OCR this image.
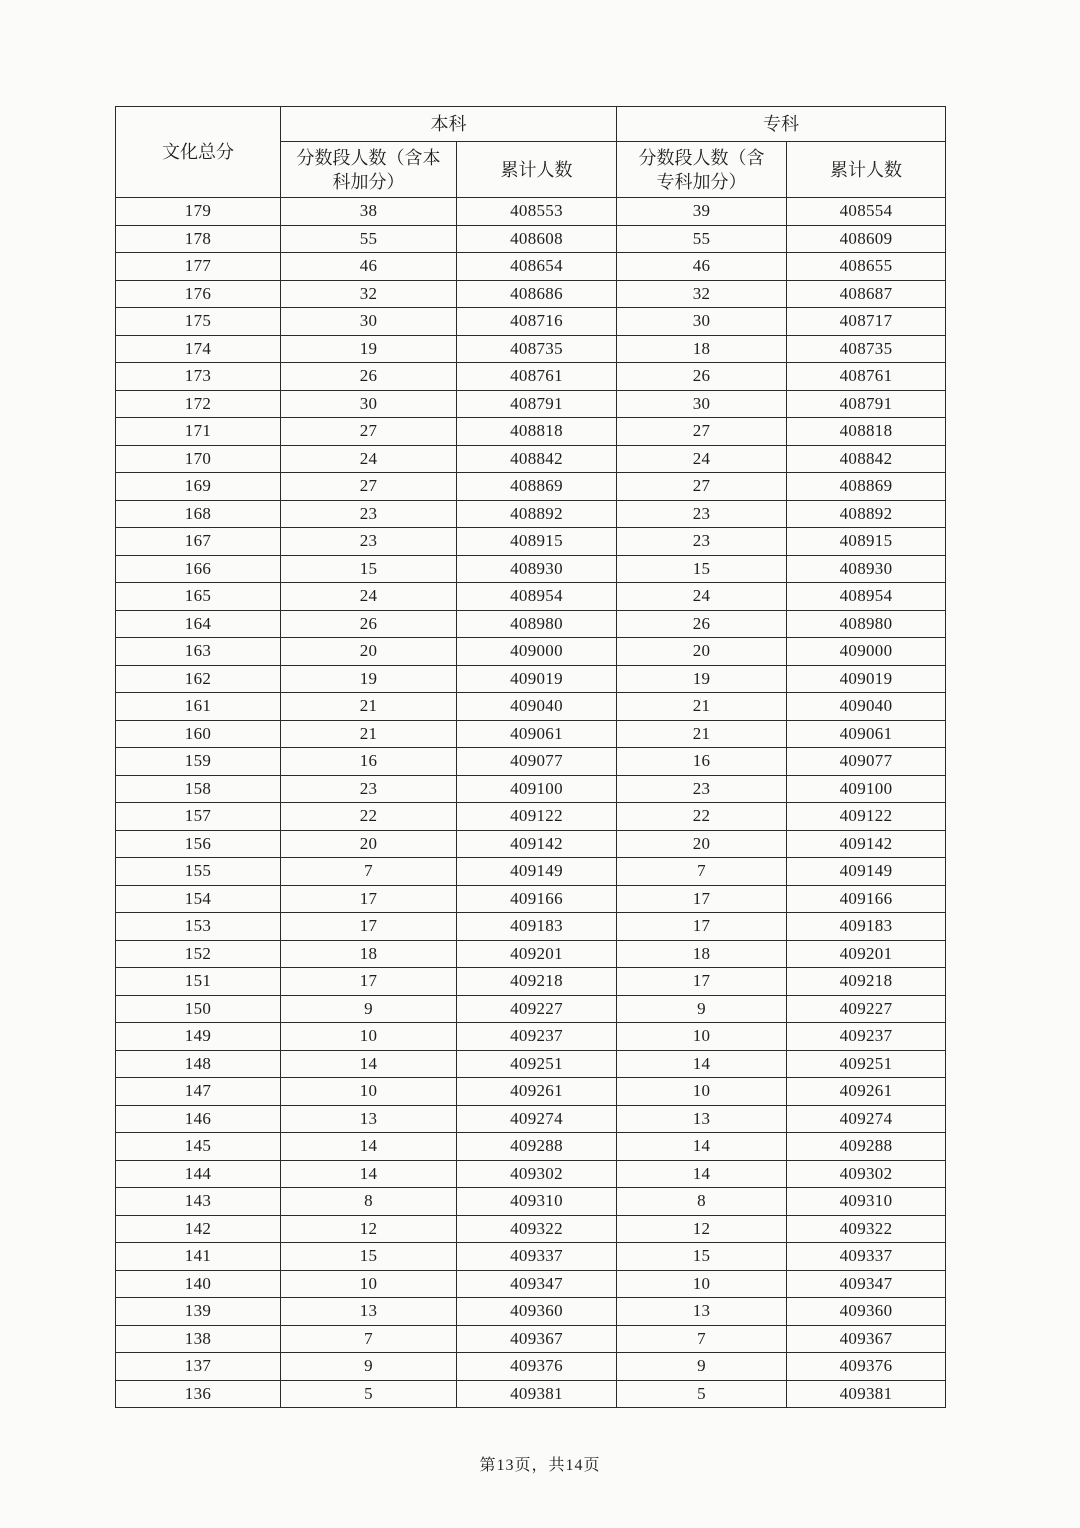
文化总分	本科		专科	
	分数段人数（含本科加分）	累计人数	分数段人数（含专科加分）	累计人数
179	38	408553	39	408554
178	55	408608	55	408609
177	46	408654	46	408655
176	32	408686	32	408687
175	30	408716	30	408717
174	19	408735	18	408735
173	26	408761	26	408761
172	30	408791	30	408791
171	27	408818	27	408818
170	24	408842	24	408842
169	27	408869	27	408869
168	23	408892	23	408892
167	23	408915	23	408915
166	15	408930	15	408930
165	24	408954	24	408954
164	26	408980	26	408980
163	20	409000	20	409000
162	19	409019	19	409019
161	21	409040	21	409040
160	21	409061	21	409061
159	16	409077	16	409077
158	23	409100	23	409100
157	22	409122	22	409122
156	20	409142	20	409142
155	7	409149	7	409149
154	17	409166	17	409166
153	17	409183	17	409183
152	18	409201	18	409201
151	17	409218	17	409218
150	9	409227	9	409227
149	10	409237	10	409237
148	14	409251	14	409251
147	10	409261	10	409261
146	13	409274	13	409274
145	14	409288	14	409288
144	14	409302	14	409302
143	8	409310	8	409310
142	12	409322	12	409322
141	15	409337	15	409337
140	10	409347	10	409347
139	13	409360	13	409360
138	7	409367	7	409367
137	9	409376	9	409376
136	5	409381	5	409381
第13页，共14页
